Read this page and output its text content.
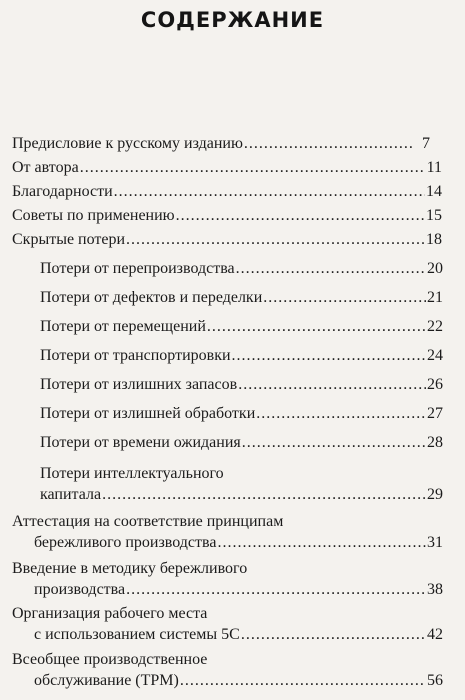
СОДЕРЖАНИЕ
Предисловие к русскому изданию .....	7
От автора .....	11
Благодарности .....	14
Советы по применению .....	15
Скрытые потери .....	18
Потери от перепроизводства .....	20
Потери от дефектов и переделки .....	21
Потери от перемещений .....	22
Потери от транспортировки .....	24
Потери от излишних запасов .....	26
Потери от излишней обработки .....	27
Потери от времени ожидания .....	28
Потери интеллектуального
капитала .....	29
Аттестация на соответствие принципам
бережливого производства .....	31
Введение в методику бережливого
производства .....	38
Организация рабочего места
с использованием системы 5С .....	42
Всеобщее производственное
обслуживание (TPM) .....	56
